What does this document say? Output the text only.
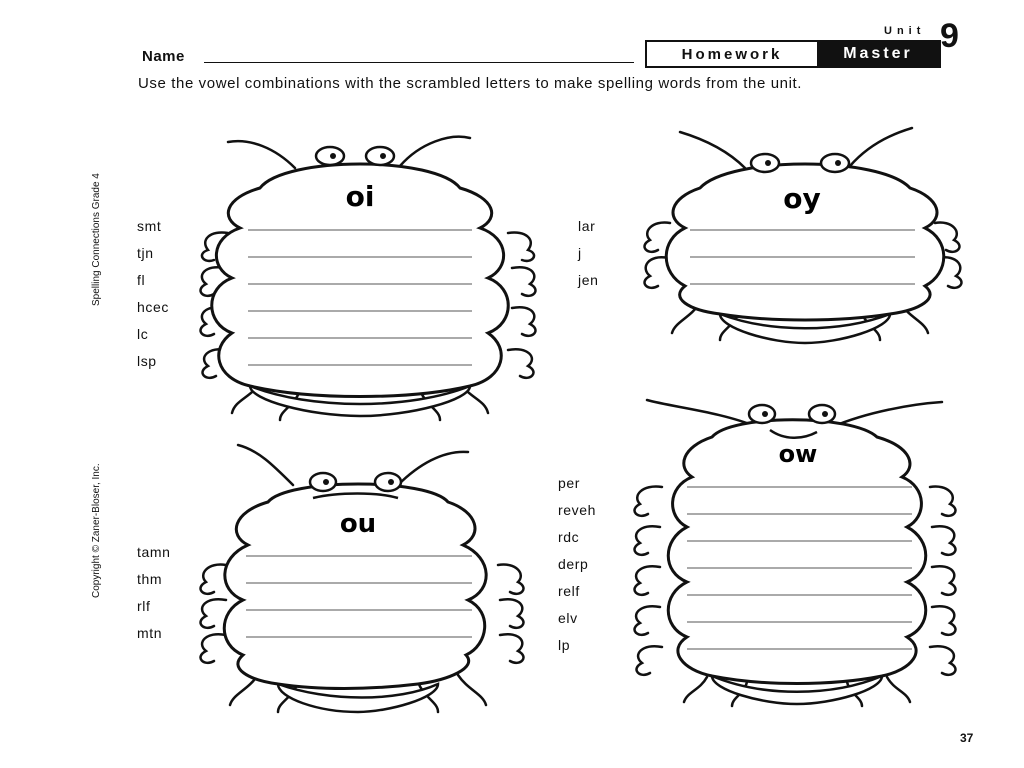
Name
Unit 9
Homework	Master
Use the vowel combinations with the scrambled letters to make spelling words from the unit.
Spelling Connections Grade 4
Copyright © Zaner-Bloser, Inc.
oi	oy
ou
ow
smt
tjn
fl
hcec
lc
lsp
lar
j
jen
tamn
thm
rlf
mtn
per
reveh
rdc
derp
relf
elv
lp
37
